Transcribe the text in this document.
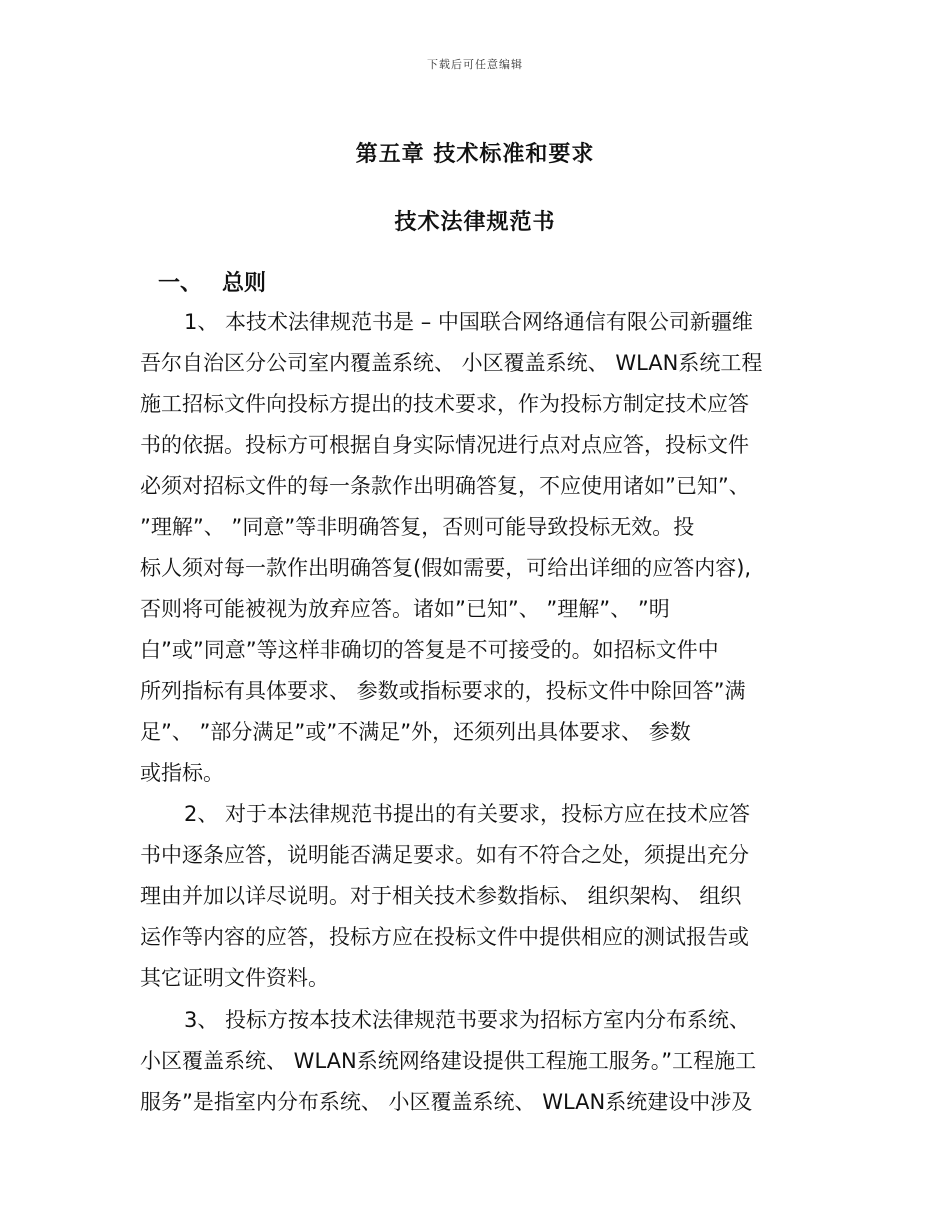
下载后可任意编辑
第五章 技术标准和要求
技术法律规范书
一、 总则
1、 本技术法律规范书是 – 中国联合网络通信有限公司新疆维
吾尔自治区分公司室内覆盖系统、 小区覆盖系统、 WLAN系统工程
施工招标文件向投标方提出的技术要求，作为投标方制定技术应答
书的依据。投标方可根据自身实际情况进行点对点应答，投标文件
必须对招标文件的每一条款作出明确答复，不应使用诸如”已知”、
”理解”、 ”同意”等非明确答复，否则可能导致投标无效。投
标人须对每一款作出明确答复(假如需要，可给出详细的应答内容),
否则将可能被视为放弃应答。诸如”已知”、 ”理解”、 ”明
白”或”同意”等这样非确切的答复是不可接受的。如招标文件中
所列指标有具体要求、 参数或指标要求的，投标文件中除回答”满
足”、 ”部分满足”或”不满足”外，还须列出具体要求、 参数
或指标。
2、 对于本法律规范书提出的有关要求，投标方应在技术应答
书中逐条应答，说明能否满足要求。如有不符合之处，须提出充分
理由并加以详尽说明。对于相关技术参数指标、 组织架构、 组织
运作等内容的应答，投标方应在投标文件中提供相应的测试报告或
其它证明文件资料。
3、 投标方按本技术法律规范书要求为招标方室内分布系统、
小区覆盖系统、 WLAN系统网络建设提供工程施工服务。”工程施工
服务”是指室内分布系统、 小区覆盖系统、 WLAN系统建设中涉及
